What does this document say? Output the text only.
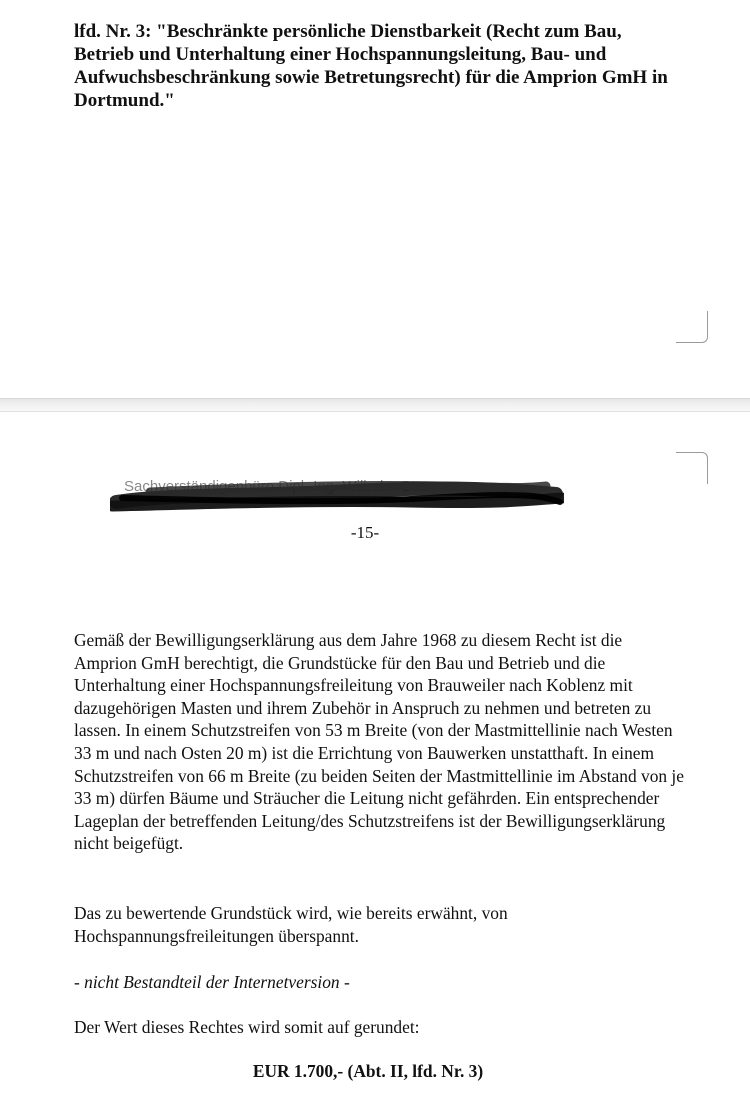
lfd. Nr. 3: "Beschränkte persönliche Dienstbarkeit (Recht zum Bau, Betrieb und Unterhaltung einer Hochspannungsleitung, Bau- und Aufwuchsbeschränkung sowie Betretungsrecht) für die Amprion GmH in Dortmund."
Sachverständigenbüro Dipl.-Ing. Wilhelm Otto
-15-

Gemäß der Bewilligungserklärung aus dem Jahre 1968 zu diesem Recht ist die Amprion GmH berechtigt, die Grundstücke für den Bau und Betrieb und die Unterhaltung einer Hochspannungsfreileitung von Brauweiler nach Koblenz mit dazugehörigen Masten und ihrem Zubehör in Anspruch zu nehmen und betreten zu lassen. In einem Schutzstreifen von 53 m Breite (von der Mastmittellinie nach Westen 33 m und nach Osten 20 m) ist die Errichtung von Bauwerken unstatthaft. In einem Schutzstreifen von 66 m Breite (zu beiden Seiten der Mastmittellinie im Abstand von je 33 m) dürfen Bäume und Sträucher die Leitung nicht gefährden. Ein entsprechender Lageplan der betreffenden Leitung/des Schutzstreifens ist der Bewilligungserklärung nicht beigefügt.

Das zu bewertende Grundstück wird, wie bereits erwähnt, von Hochspannungsfreileitungen überspannt.

- nicht Bestandteil der Internetversion -

Der Wert dieses Rechtes wird somit auf gerundet:

EUR 1.700,- (Abt. II, lfd. Nr. 3)
